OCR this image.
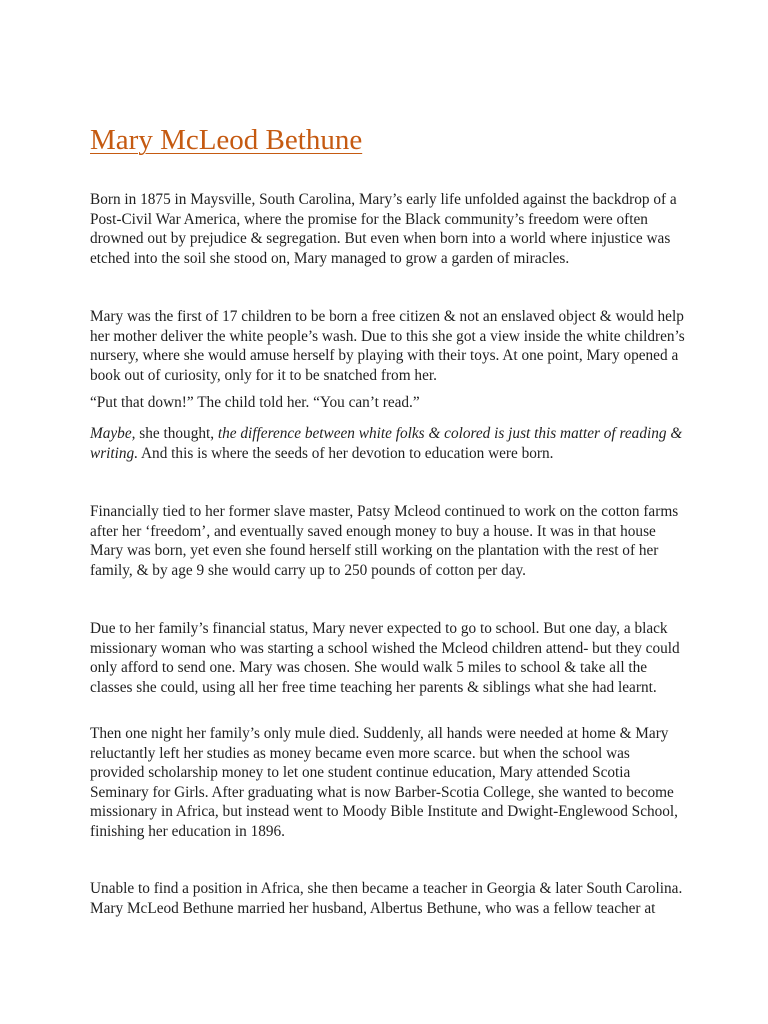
Mary McLeod Bethune
Born in 1875 in Maysville, South Carolina, Mary’s early life unfolded against the backdrop of a
Post-Civil War America, where the promise for the Black community’s freedom were often
drowned out by prejudice & segregation. But even when born into a world where injustice was
etched into the soil she stood on, Mary managed to grow a garden of miracles.
Mary was the first of 17 children to be born a free citizen & not an enslaved object & would help
her mother deliver the white people’s wash. Due to this she got a view inside the white children’s
nursery, where she would amuse herself by playing with their toys. At one point, Mary opened a
book out of curiosity, only for it to be snatched from her.
“Put that down!” The child told her. “You can’t read.”
Maybe, she thought, the difference between white folks & colored is just this matter of reading &
writing. And this is where the seeds of her devotion to education were born.
Financially tied to her former slave master, Patsy Mcleod continued to work on the cotton farms
after her ‘freedom’, and eventually saved enough money to buy a house. It was in that house
Mary was born, yet even she found herself still working on the plantation with the rest of her
family, & by age 9 she would carry up to 250 pounds of cotton per day.
Due to her family’s financial status, Mary never expected to go to school. But one day, a black
missionary woman who was starting a school wished the Mcleod children attend- but they could
only afford to send one. Mary was chosen. She would walk 5 miles to school & take all the
classes she could, using all her free time teaching her parents & siblings what she had learnt.
Then one night her family’s only mule died. Suddenly, all hands were needed at home & Mary
reluctantly left her studies as money became even more scarce. but when the school was
provided scholarship money to let one student continue education, Mary attended Scotia
Seminary for Girls. After graduating what is now Barber-Scotia College, she wanted to become
missionary in Africa, but instead went to Moody Bible Institute and Dwight-Englewood School,
finishing her education in 1896.
Unable to find a position in Africa, she then became a teacher in Georgia & later South Carolina.
Mary McLeod Bethune married her husband, Albertus Bethune, who was a fellow teacher at
